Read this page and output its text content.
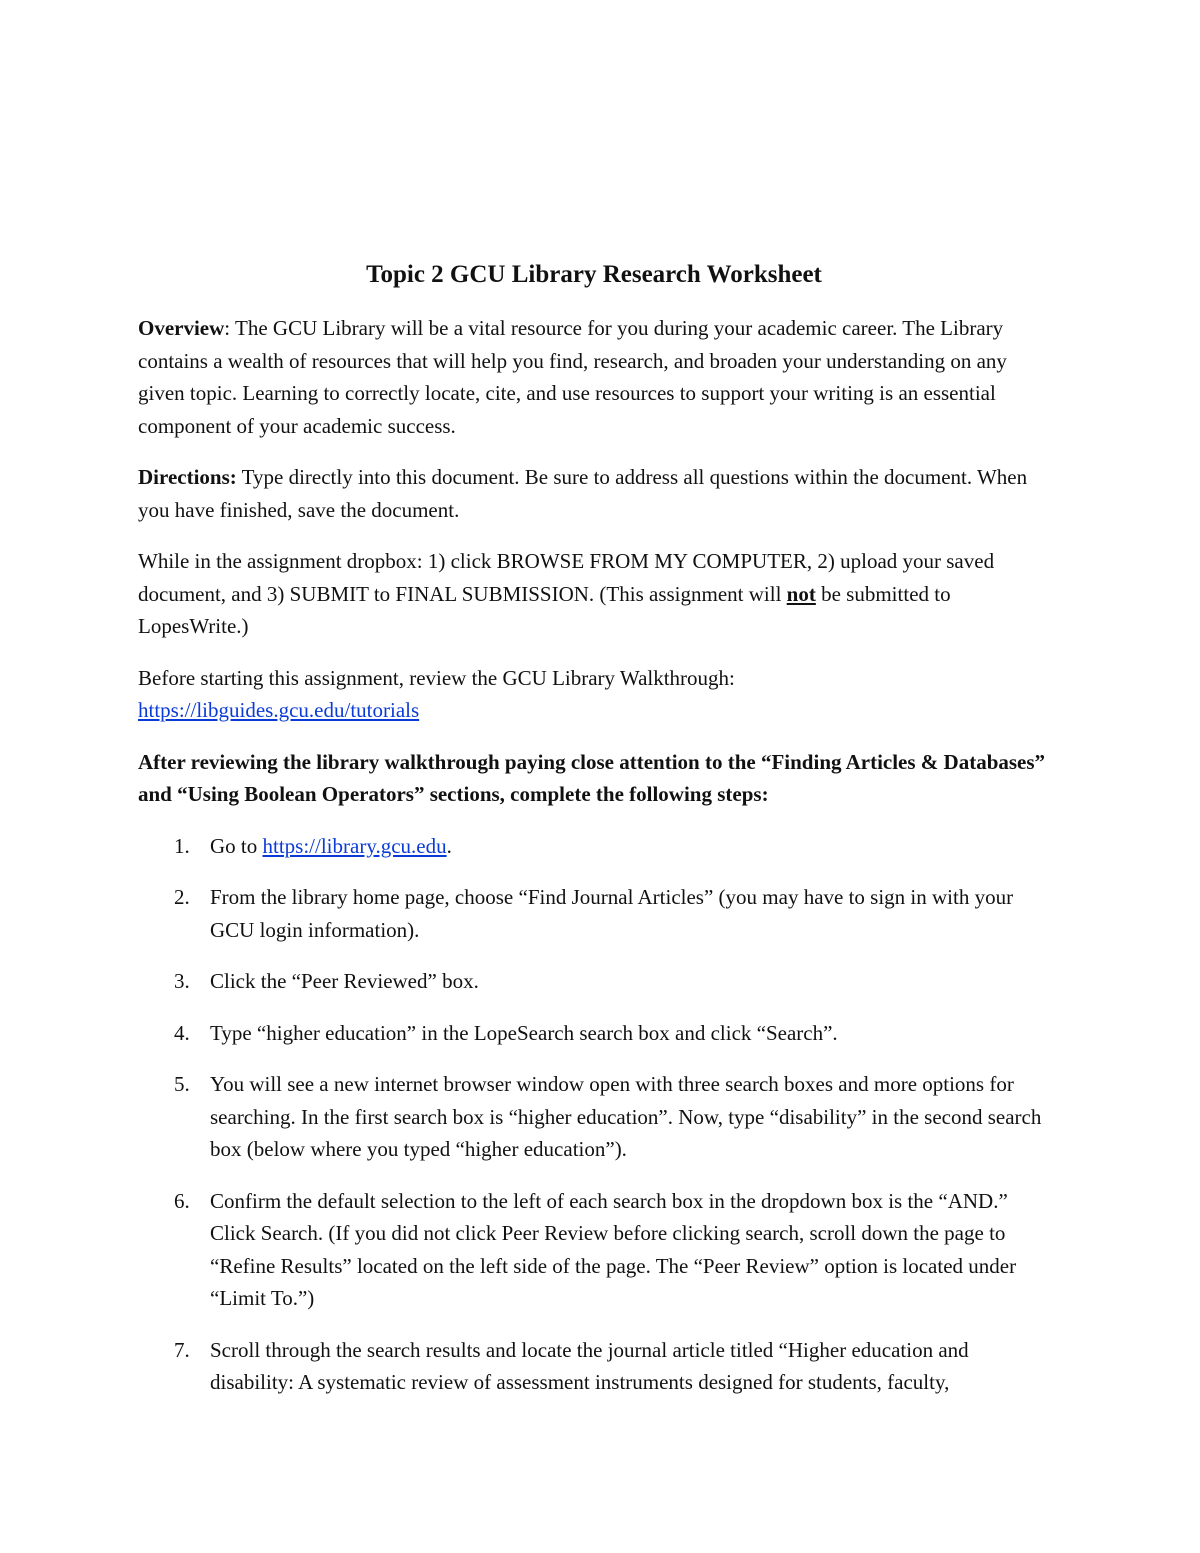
Topic 2 GCU Library Research Worksheet

Overview: The GCU Library will be a vital resource for you during your academic career. The Library contains a wealth of resources that will help you find, research, and broaden your understanding on any given topic. Learning to correctly locate, cite, and use resources to support your writing is an essential component of your academic success.

Directions: Type directly into this document. Be sure to address all questions within the document. When you have finished, save the document.

While in the assignment dropbox: 1) click BROWSE FROM MY COMPUTER, 2) upload your saved document, and 3) SUBMIT to FINAL SUBMISSION. (This assignment will not be submitted to LopesWrite.)

Before starting this assignment, review the GCU Library Walkthrough:
https://libguides.gcu.edu/tutorials

After reviewing the library walkthrough paying close attention to the “Finding Articles & Databases” and “Using Boolean Operators” sections, complete the following steps:
1. Go to https://library.gcu.edu.
2. From the library home page, choose “Find Journal Articles” (you may have to sign in with your GCU login information).
3. Click the “Peer Reviewed” box.
4. Type “higher education” in the LopeSearch search box and click “Search”.
5. You will see a new internet browser window open with three search boxes and more options for searching. In the first search box is “higher education”. Now, type “disability” in the second search box (below where you typed “higher education”).
6. Confirm the default selection to the left of each search box in the dropdown box is the “AND.” Click Search. (If you did not click Peer Review before clicking search, scroll down the page to “Refine Results” located on the left side of the page. The “Peer Review” option is located under “Limit To.”)
7. Scroll through the search results and locate the journal article titled “Higher education and disability: A systematic review of assessment instruments designed for students, faculty,
